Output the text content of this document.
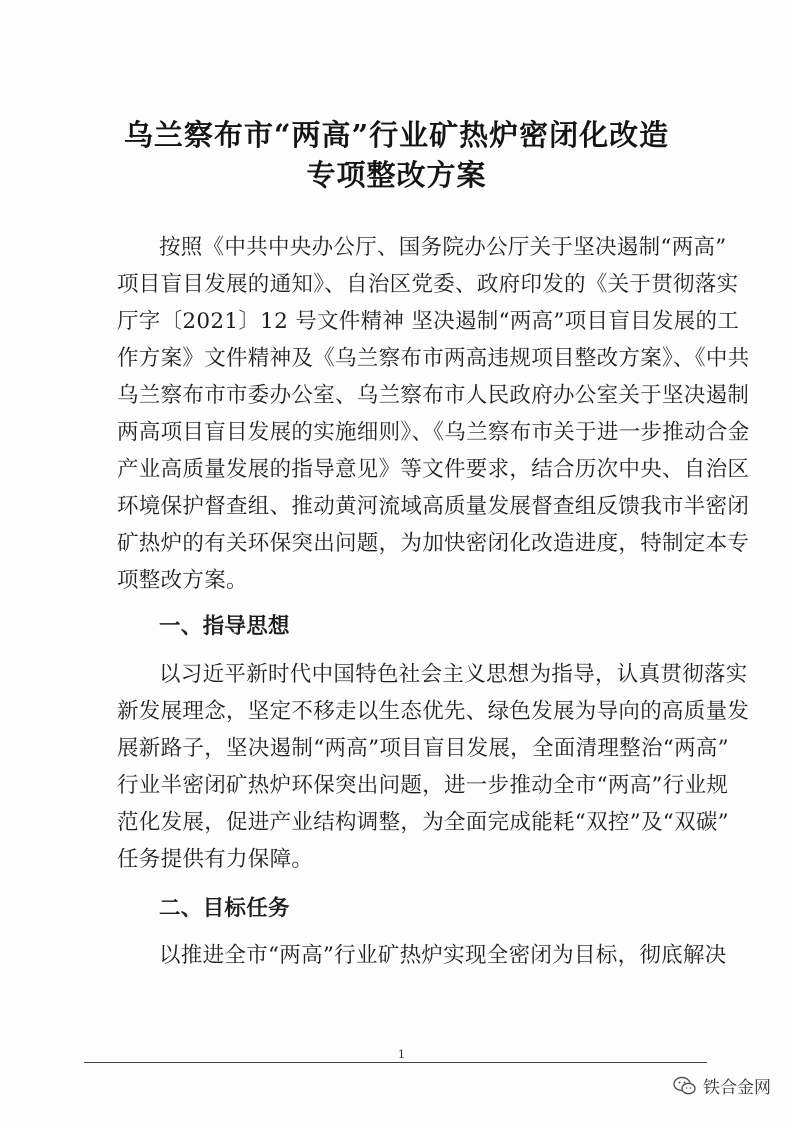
乌兰察布市“两高”行业矿热炉密闭化改造
专项整改方案
按照《中共中央办公厅、国务院办公厅关于坚决遏制“两高”
项目盲目发展的通知》、自治区党委、政府印发的《关于贯彻落实
厅字〔2021〕12 号文件精神 坚决遏制“两高”项目盲目发展的工
作方案》文件精神及《乌兰察布市两高违规项目整改方案》、《中共
乌兰察布市市委办公室、乌兰察布市人民政府办公室关于坚决遏制
两高项目盲目发展的实施细则》、《乌兰察布市关于进一步推动合金
产业高质量发展的指导意见》等文件要求，结合历次中央、自治区
环境保护督查组、推动黄河流域高质量发展督查组反馈我市半密闭
矿热炉的有关环保突出问题，为加快密闭化改造进度，特制定本专
项整改方案。
一、指导思想
以习近平新时代中国特色社会主义思想为指导，认真贯彻落实
新发展理念，坚定不移走以生态优先、绿色发展为导向的高质量发
展新路子，坚决遏制“两高”项目盲目发展，全面清理整治“两高”
行业半密闭矿热炉环保突出问题，进一步推动全市“两高”行业规
范化发展，促进产业结构调整，为全面完成能耗“双控”及“双碳”
任务提供有力保障。
二、目标任务
以推进全市“两高”行业矿热炉实现全密闭为目标，彻底解决
1
铁合金网
